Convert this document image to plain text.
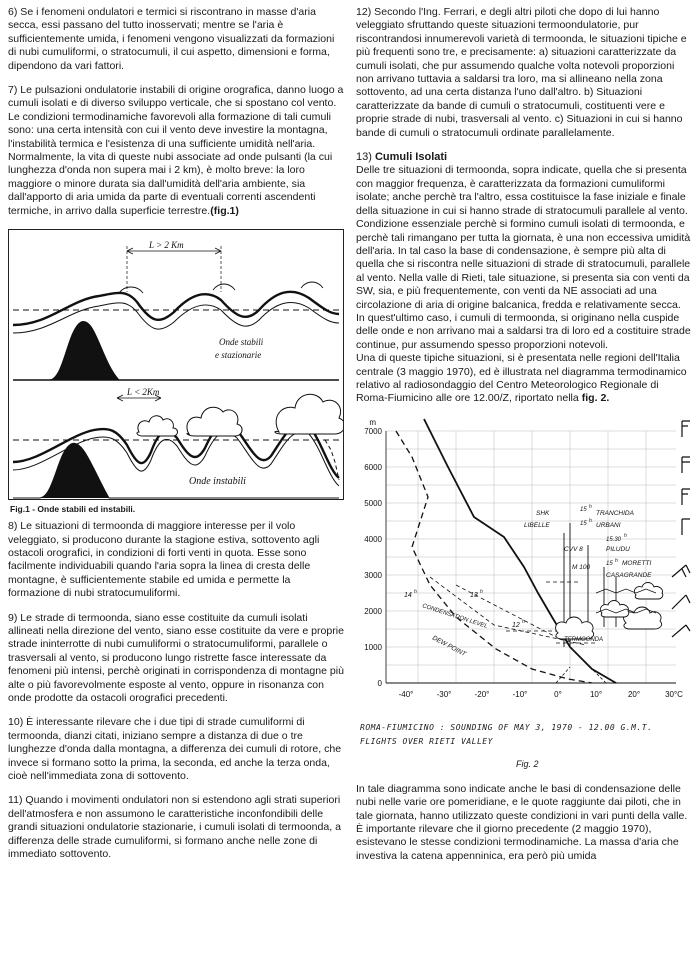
6) Se i fenomeni ondulatori e termici si riscontrano in masse d'aria secca, essi passano del tutto inosservati; mentre se l'aria è sufficientemente umida, i fenomeni vengono visualizzati da formazioni di nubi cumuliformi, o stratocumuli, il cui aspetto, dimensioni e forma, dipendono da vari fattori.

7) Le pulsazioni ondulatorie instabili di origine orografica, danno luogo a cumuli isolati e di diverso sviluppo verticale, che si spostano col vento. Le condizioni termodinamiche favorevoli alla formazione di tali cumuli sono: una certa intensità con cui il vento deve investire la montagna, l'instabilità termica e l'esistenza di una sufficiente umidità nell'aria.

Normalmente, la vita di queste nubi associate ad onde pulsanti (la cui lunghezza d'onda non supera mai i 2 km), è molto breve: la loro maggiore o minore durata sia dall'umidità dell'aria ambiente, sia dall'apporto di aria umida da parte di eventuali correnti ascendenti termiche, in arrivo dalla superficie terrestre.(fig.1)

Onde stabili
e stazionarie
L > 2 Km
L < 2Km
Onde instabili
Fig.1 - Onde stabili ed instabili.

8) Le situazioni di termoonda di maggiore interesse per il volo veleggiato, si producono durante la stagione estiva, sottovento agli ostacoli orografici, in condizioni di forti venti in quota. Esse sono facilmente individuabili quando l'aria sopra la linea di cresta delle montagne, è sufficientemente stabile ed umida e permette la formazione di nubi stratocumuliformi.

9) Le strade di termoonda, siano esse costituite da cumuli isolati allineati nella direzione del vento, siano esse costituite da vere e proprie strade ininterrotte di nubi cumuliformi o stratocumuliformi, parallele o trasversali al vento, si producono lungo ristrette fasce interessate da fenomeni più intensi, perchè originati in corrispondenza di montagne più alte o più favorevolmente esposte al vento, oppure in risonanza con onde prodotte da ostacoli orografici precedenti.

10) È interessante rilevare che i due tipi di strade cumuliformi di termoonda, dianzi citati, iniziano sempre a distanza di due o tre lunghezze d'onda dalla montagna, a differenza dei cumuli di rotore, che invece si formano sotto la prima, la seconda, ed anche la terza onda, cioè nell'immediata zona di sottovento.

11) Quando i movimenti ondulatori non si estendono agli strati superiori dell'atmosfera e non assumono le caratteristiche inconfondibili delle grandi situazioni ondulatorie stazionarie, i cumuli isolati di termoonda, a differenza delle strade cumuliformi, si formano anche nelle zone di immediato sottovento.

12) Secondo l'Ing. Ferrari, e degli altri piloti che dopo di lui hanno veleggiato sfruttando queste situazioni termoondulatorie, pur riscontrandosi innumerevoli varietà di termoonda, le situazioni tipiche e più frequenti sono tre, e precisamente: a) situazioni caratterizzate da cumuli isolati, che pur assumendo qualche volta notevoli proporzioni non arrivano tuttavia a saldarsi tra loro, ma si allineano nella zona sottovento, ad una certa distanza l'uno dall'altro. b) Situazioni caratterizzate da bande di cumuli o stratocumuli, costituenti vere e proprie strade di nubi, trasversali al vento. c) Situazioni in cui si hanno bande di cumuli o stratocumuli ordinate parallelamente.

13) Cumuli Isolati

Delle tre situazioni di termoonda, sopra indicate, quella che si presenta con maggior frequenza, è caratterizzata da formazioni cumuliformi isolate; anche perchè tra l'altro, essa costituisce la fase iniziale e finale della situazione in cui si hanno strade di stratocumuli parallele al vento.

Condizione essenziale perchè si formino cumuli isolati di termoonda, e perchè tali rimangano per tutta la giornata, è una non eccessiva umidità dell'aria. In tal caso la base di condensazione, è sempre più alta di quella che si riscontra nelle situazioni di strade di stratocumuli, parallele al vento. Nella valle di Rieti, tale situazione, si presenta sia con venti da SW, sia, e più frequentemente, con venti da NE associati ad una circolazione di aria di origine balcanica, fredda e relativamente secca. In quest'ultimo caso, i cumuli di termoonda, si originano nella cuspide delle onde e non arrivano mai a saldarsi tra di loro ed a costituire strade continue, pur assumendo spesso proporzioni notevoli.

Una di queste tipiche situazioni, si è presentata nelle regioni dell'Italia centrale (3 maggio 1970), ed è illustrata nel diagramma termodinamico relativo al radiosondaggio del Centro Meteorologico Regionale di Roma-Fiumicino alle ore 12.00/Z, riportato nella fig. 2.

m
7000
6000
5000
4000
3000
2000
1000
0
-40°	-30°	-20°	-10°	0°	10°	20°	30°C
SHK	15 h
TRANCHIDA
LIBELLE	15 h
URBANI
15.30
h
CVV 8	PILUDU
M 100	15 h MORETTI
CASAGRANDE
14 h	13 h
12 h
TERMOONDA
CONDENSATION LEVEL
DEW POINT
ROMA-FIUMICINO : SOUNDING OF MAY 3, 1970 - 12.00 G.M.T.
FLIGHTS OVER RIETI VALLEY
Fig. 2

In tale diagramma sono indicate anche le basi di condensazione delle nubi nelle varie ore pomeridiane, e le quote raggiunte dai piloti, che in tale giornata, hanno utilizzato queste condizioni in vari punti della valle.

È importante rilevare che il giorno precedente (2 maggio 1970), esistevano le stesse condizioni termodinamiche. La massa d'aria che investiva la catena appenninica, era però più umida
